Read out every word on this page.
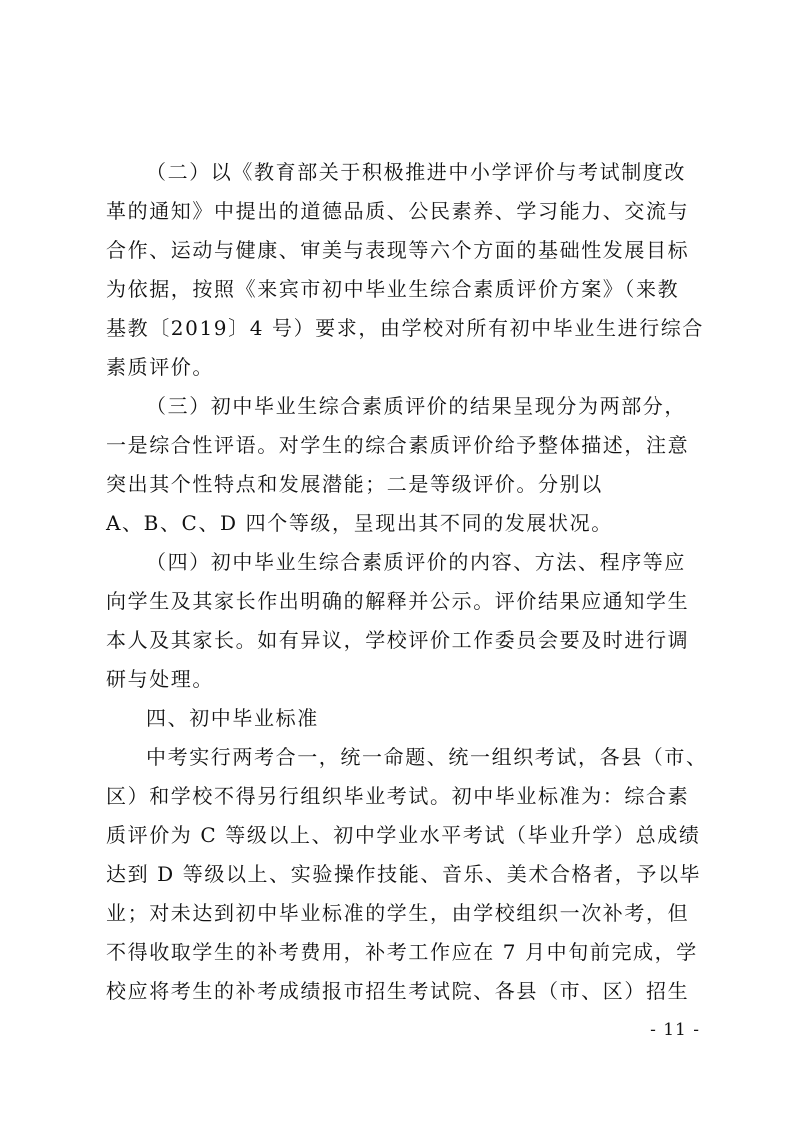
（二）以《教育部关于积极推进中小学评价与考试制度改
革的通知》中提出的道德品质、公民素养、学习能力、交流与
合作、运动与健康、审美与表现等六个方面的基础性发展目标
为依据，按照《来宾市初中毕业生综合素质评价方案》（来教
基教〔2019〕4 号）要求，由学校对所有初中毕业生进行综合
素质评价。
（三）初中毕业生综合素质评价的结果呈现分为两部分，
一是综合性评语。对学生的综合素质评价给予整体描述，注意
突出其个性特点和发展潜能；二是等级评价。分别以
A、B、C、D 四个等级，呈现出其不同的发展状况。
（四）初中毕业生综合素质评价的内容、方法、程序等应
向学生及其家长作出明确的解释并公示。评价结果应通知学生
本人及其家长。如有异议，学校评价工作委员会要及时进行调
研与处理。
四、初中毕业标准
中考实行两考合一，统一命题、统一组织考试，各县（市、
区）和学校不得另行组织毕业考试。初中毕业标准为：综合素
质评价为 C 等级以上、初中学业水平考试（毕业升学）总成绩
达到 D 等级以上、实验操作技能、音乐、美术合格者，予以毕
业；对未达到初中毕业标准的学生，由学校组织一次补考，但
不得收取学生的补考费用，补考工作应在 7 月中旬前完成，学
校应将考生的补考成绩报市招生考试院、各县（市、区）招生
- 11 -
